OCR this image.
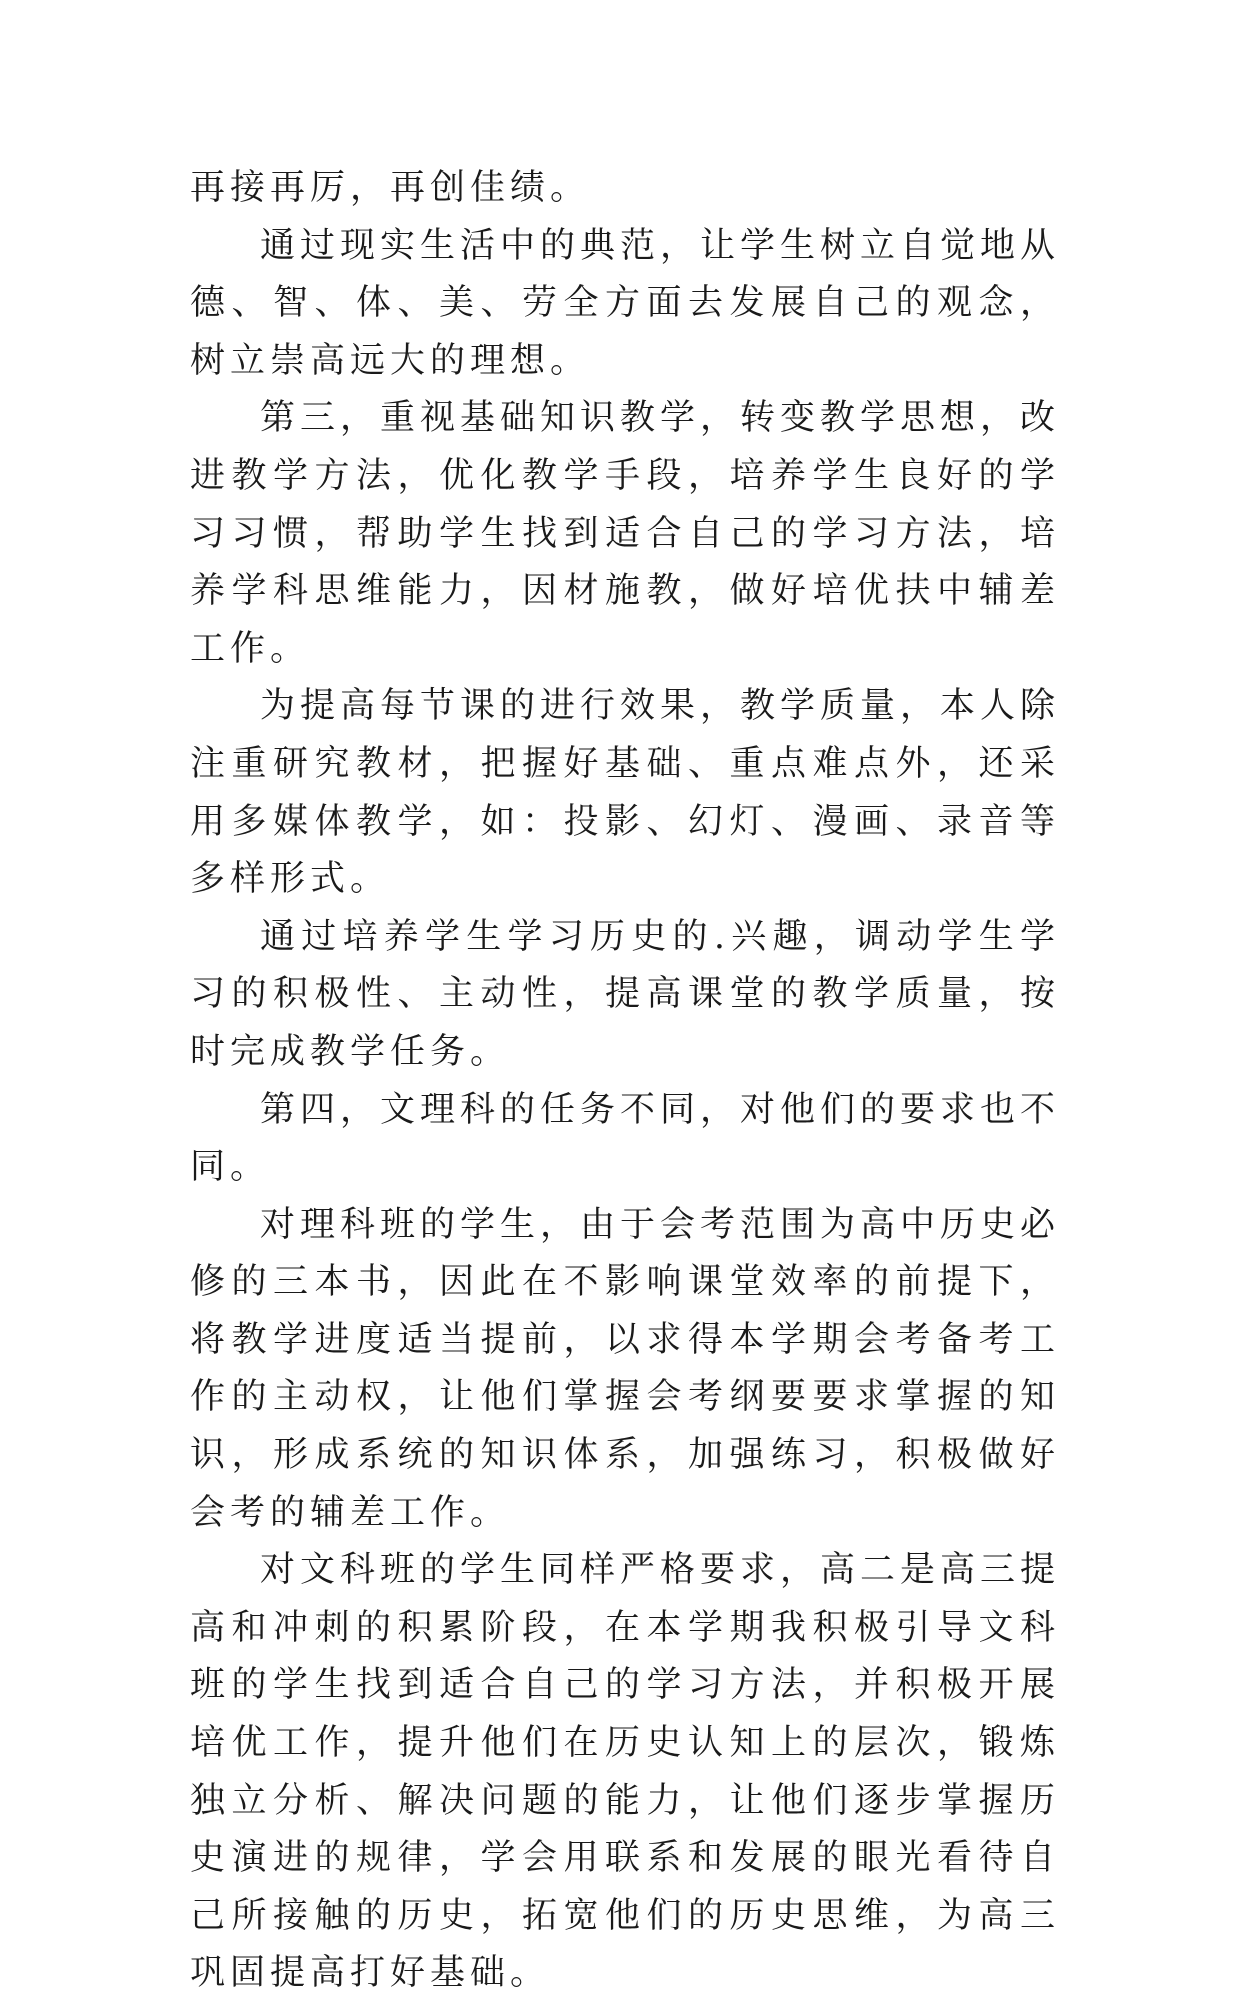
再接再厉，再创佳绩。

通过现实生活中的典范，让学生树立自觉地从德、智、体、美、劳全方面去发展自己的观念，树立崇高远大的理想。

第三，重视基础知识教学，转变教学思想，改进教学方法，优化教学手段，培养学生良好的学习习惯，帮助学生找到适合自己的学习方法，培养学科思维能力，因材施教，做好培优扶中辅差工作。

为提高每节课的进行效果，教学质量，本人除注重研究教材，把握好基础、重点难点外，还采用多媒体教学，如：投影、幻灯、漫画、录音等多样形式。

通过培养学生学习历史的.兴趣，调动学生学习的积极性、主动性，提高课堂的教学质量，按时完成教学任务。

第四，文理科的任务不同，对他们的要求也不同。

对理科班的学生，由于会考范围为高中历史必修的三本书，因此在不影响课堂效率的前提下，将教学进度适当提前，以求得本学期会考备考工作的主动权，让他们掌握会考纲要要求掌握的知识，形成系统的知识体系，加强练习，积极做好会考的辅差工作。

对文科班的学生同样严格要求，高二是高三提高和冲刺的积累阶段，在本学期我积极引导文科班的学生找到适合自己的学习方法，并积极开展培优工作，提升他们在历史认知上的层次，锻炼独立分析、解决问题的能力，让他们逐步掌握历史演进的规律，学会用联系和发展的眼光看待自己所接触的历史，拓宽他们的历史思维，为高三巩固提高打好基础。
